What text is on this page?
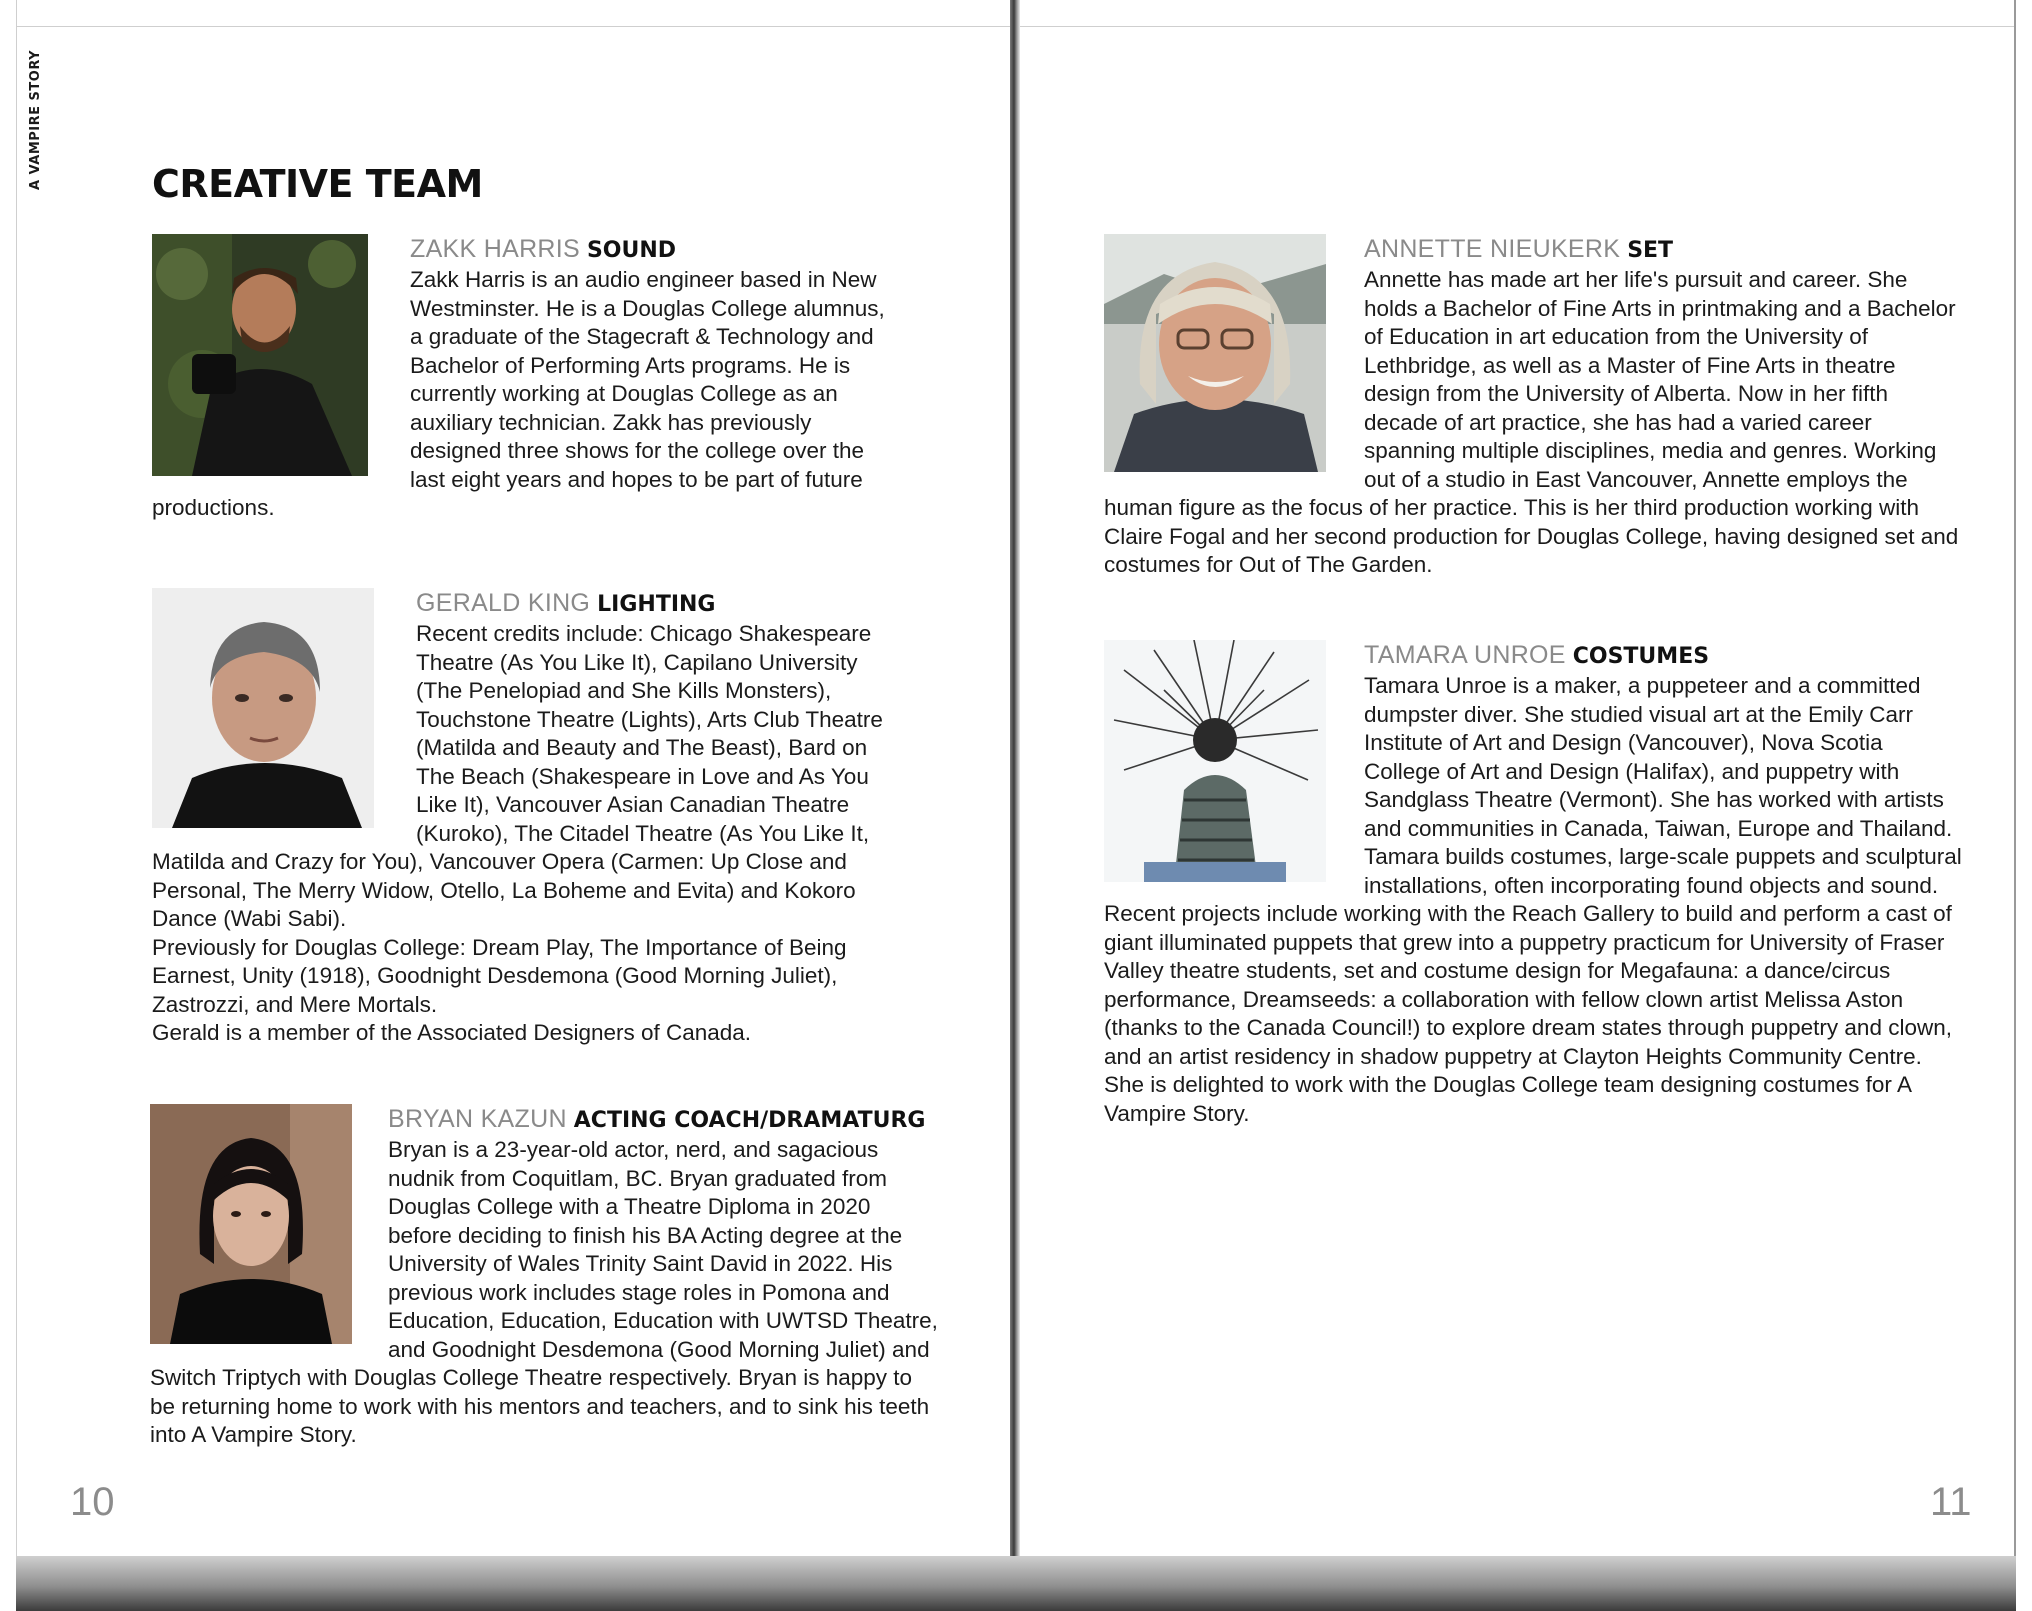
A VAMPIRE STORY	CREATIVE TEAM

ZAKK HARRIS SOUND

Zakk Harris is an audio engineer based in New Westminster. He is a Douglas College alumnus, a graduate of the Stagecraft & Technology and Bachelor of Performing Arts programs. He is currently working at Douglas College as an auxiliary technician. Zakk has previously designed three shows for the college over the last eight years and hopes to be part of future productions.

GERALD KING LIGHTING

Recent credits include: Chicago Shakespeare Theatre (As You Like It), Capilano University (The Penelopiad and She Kills Monsters), Touchstone Theatre (Lights), Arts Club Theatre (Matilda and Beauty and The Beast), Bard on The Beach (Shakespeare in Love and As You Like It), Vancouver Asian Canadian Theatre (Kuroko), The Citadel Theatre (As You Like It, Matilda and Crazy for You), Vancouver Opera (Carmen: Up Close and Personal, The Merry Widow, Otello, La Boheme and Evita) and Kokoro Dance (Wabi Sabi).

Previously for Douglas College: Dream Play, The Importance of Being Earnest, Unity (1918), Goodnight Desdemona (Good Morning Juliet), Zastrozzi, and Mere Mortals.

Gerald is a member of the Associated Designers of Canada.

BRYAN KAZUN ACTING COACH/DRAMATURG

Bryan is a 23-year-old actor, nerd, and sagacious nudnik from Coquitlam, BC. Bryan graduated from Douglas College with a Theatre Diploma in 2020 before deciding to finish his BA Acting degree at the University of Wales Trinity Saint David in 2022. His previous work includes stage roles in Pomona and Education, Education, Education with UWTSD Theatre, and Goodnight Desdemona (Good Morning Juliet) and Switch Triptych with Douglas College Theatre respectively. Bryan is happy to be returning home to work with his mentors and teachers, and to sink his teeth into A Vampire Story.

10

ANNETTE NIEUKERK SET

Annette has made art her life's pursuit and career. She holds a Bachelor of Fine Arts in printmaking and a Bachelor of Education in art education from the University of Lethbridge, as well as a Master of Fine Arts in theatre design from the University of Alberta. Now in her fifth decade of art practice, she has had a varied career spanning multiple disciplines, media and genres. Working out of a studio in East Vancouver, Annette employs the human figure as the focus of her practice. This is her third production working with Claire Fogal and her second production for Douglas College, having designed set and costumes for Out of The Garden.

TAMARA UNROE COSTUMES

Tamara Unroe is a maker, a puppeteer and a committed dumpster diver. She studied visual art at the Emily Carr Institute of Art and Design (Vancouver), Nova Scotia College of Art and Design (Halifax), and puppetry with Sandglass Theatre (Vermont). She has worked with artists and communities in Canada, Taiwan, Europe and Thailand. Tamara builds costumes, large-scale puppets and sculptural installations, often incorporating found objects and sound. Recent projects include working with the Reach Gallery to build and perform a cast of giant illuminated puppets that grew into a puppetry practicum for University of Fraser Valley theatre students, set and costume design for Megafauna: a dance/circus performance, Dreamseeds: a collaboration with fellow clown artist Melissa Aston (thanks to the Canada Council!) to explore dream states through puppetry and clown, and an artist residency in shadow puppetry at Clayton Heights Community Centre. She is delighted to work with the Douglas College team designing costumes for A Vampire Story.

11
